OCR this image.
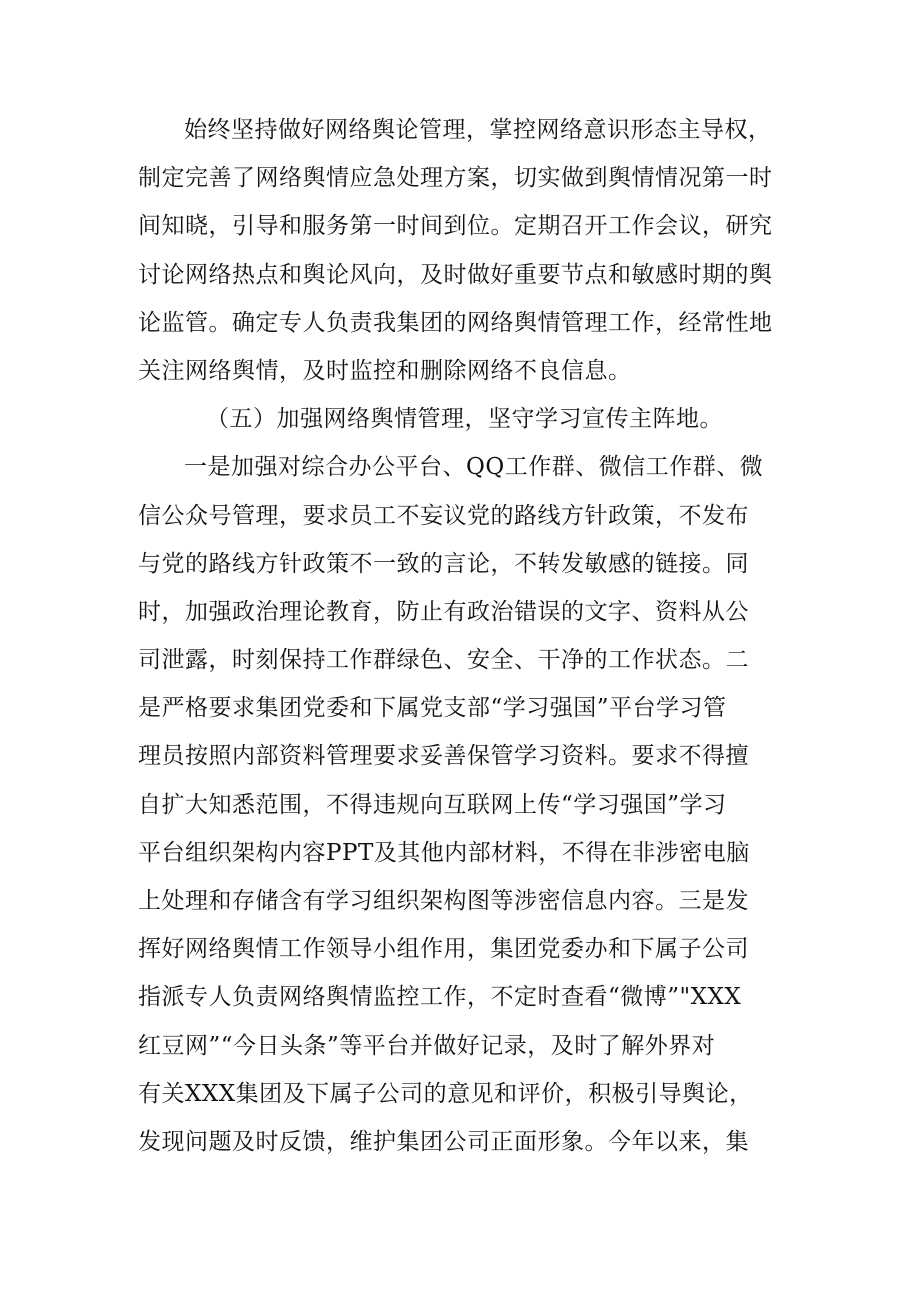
始终坚持做好网络舆论管理，掌控网络意识形态主导权，
制定完善了网络舆情应急处理方案，切实做到舆情情况第一时
间知晓，引导和服务第一时间到位。定期召开工作会议，研究
讨论网络热点和舆论风向，及时做好重要节点和敏感时期的舆
论监管。确定专人负责我集团的网络舆情管理工作，经常性地
关注网络舆情，及时监控和删除网络不良信息。
（五）加强网络舆情管理，坚守学习宣传主阵地。
一是加强对综合办公平台、QQ工作群、微信工作群、微
信公众号管理，要求员工不妄议党的路线方针政策，不发布
与党的路线方针政策不一致的言论，不转发敏感的链接。同
时，加强政治理论教育，防止有政治错误的文字、资料从公
司泄露，时刻保持工作群绿色、安全、干净的工作状态。二
是严格要求集团党委和下属党支部“学习强国”平台学习管
理员按照内部资料管理要求妥善保管学习资料。要求不得擅
自扩大知悉范围，不得违规向互联网上传“学习强国”学习
平台组织架构内容PPT及其他内部材料，不得在非涉密电脑
上处理和存储含有学习组织架构图等涉密信息内容。三是发
挥好网络舆情工作领导小组作用，集团党委办和下属子公司
指派专人负责网络舆情监控工作，不定时查看“微博”"XXX
红豆网”“今日头条”等平台并做好记录，及时了解外界对
有关XXX集团及下属子公司的意见和评价，积极引导舆论，
发现问题及时反馈，维护集团公司正面形象。今年以来，集
